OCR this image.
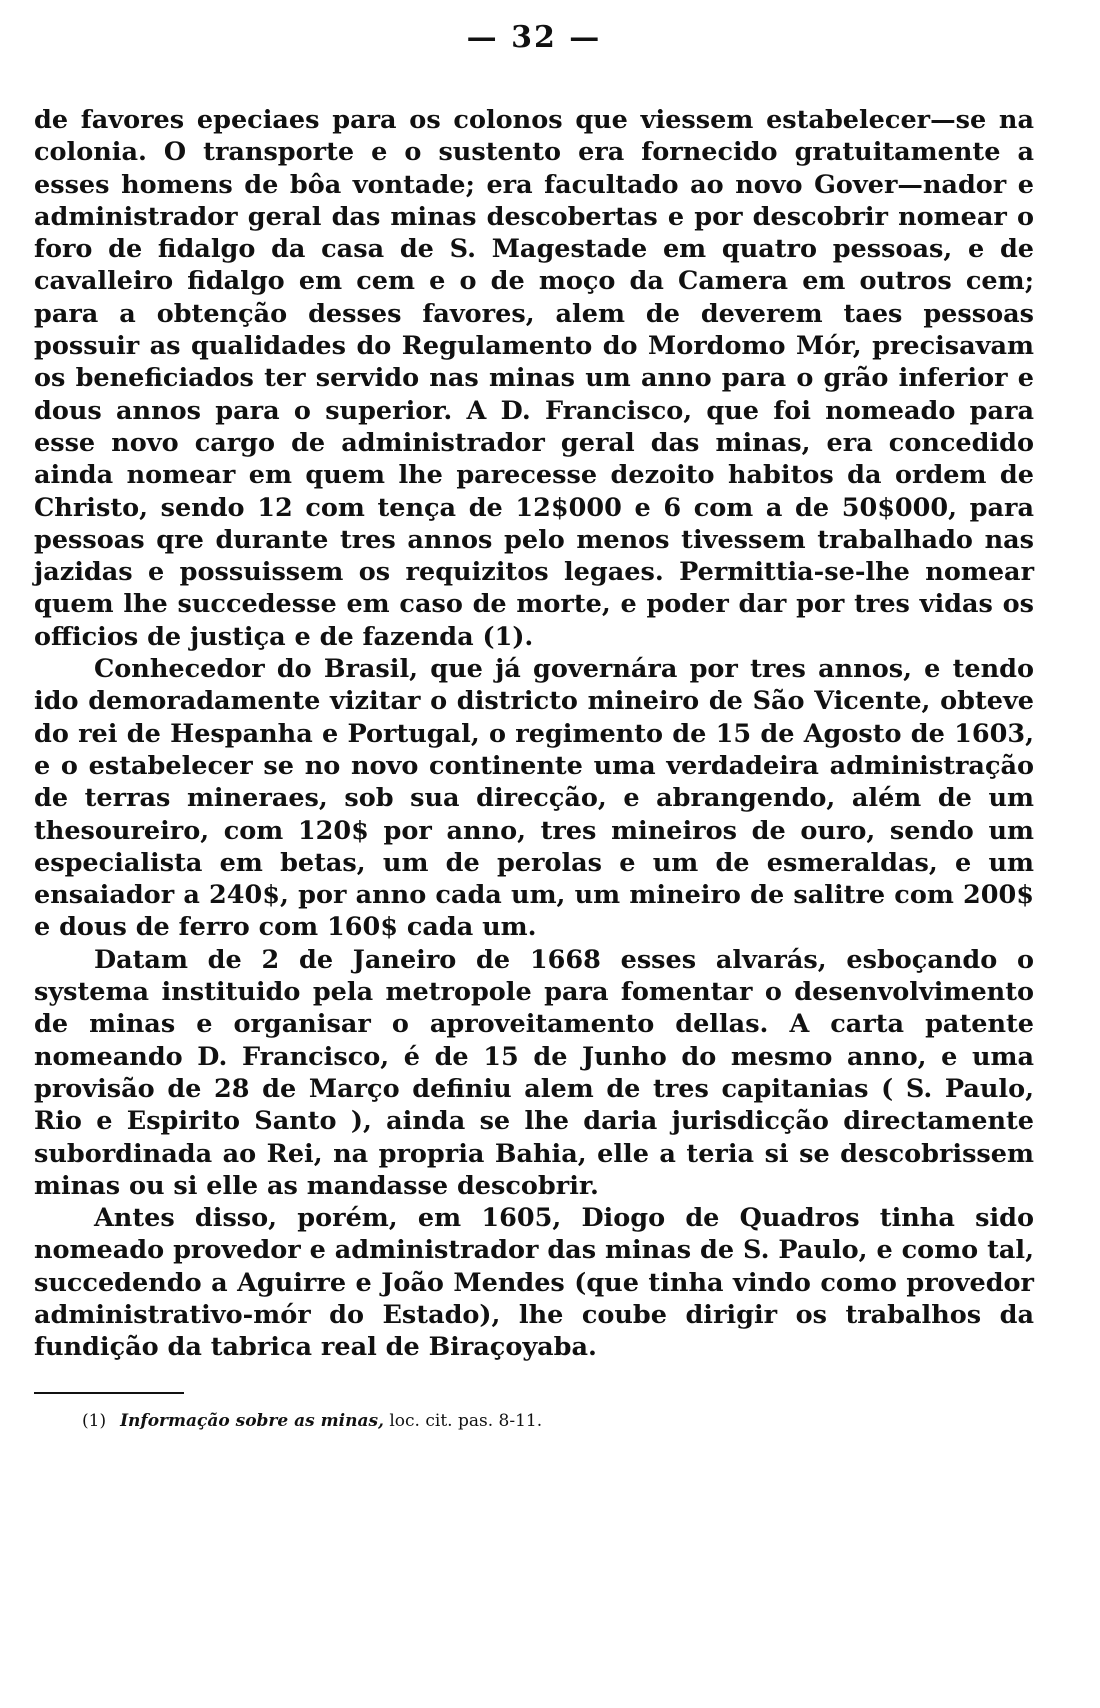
— 32 —

de favores epeciaes para os colonos que viessem estabelecer—se na colonia. O transporte e o sustento era fornecido gratuitamente a esses homens de bôa vontade; era facultado ao novo Gover—nador e administrador geral das minas descobertas e por descobrir nomear o foro de fidalgo da casa de S. Magestade em quatro pessoas, e de cavalleiro fidalgo em cem e o de moço da Camera em outros cem; para a obtenção desses favores, alem de deverem taes pessoas possuir as qualidades do Regulamento do Mordomo Mór, precisavam os beneficiados ter servido nas minas um anno para o grão inferior e dous annos para o superior. A D. Francisco, que foi nomeado para esse novo cargo de administrador geral das minas, era concedido ainda nomear em quem lhe parecesse dezoito habitos da ordem de Christo, sendo 12 com tença de 12$000 e 6 com a de 50$000, para pessoas qre durante tres annos pelo menos tivessem trabalhado nas jazidas e possuissem os requizitos legaes. Permittia-se-lhe nomear quem lhe succedesse em caso de morte, e poder dar por tres vidas os officios de justiça e de fazenda (1).

Conhecedor do Brasil, que já governára por tres annos, e tendo ido demoradamente vizitar o districto mineiro de São Vicente, obteve do rei de Hespanha e Portugal, o regimento de 15 de Agosto de 1603, e o estabelecer se no novo continente uma verdadeira administração de terras mineraes, sob sua direcção, e abrangendo, além de um thesoureiro, com 120$ por anno, tres mineiros de ouro, sendo um especialista em betas, um de perolas e um de esmeraldas, e um ensaiador a 240$, por anno cada um, um mineiro de salitre com 200$ e dous de ferro com 160$ cada um.

Datam de 2 de Janeiro de 1668 esses alvarás, esboçando o systema instituido pela metropole para fomentar o desenvolvimento de minas e organisar o aproveitamento dellas. A carta patente nomeando D. Francisco, é de 15 de Junho do mesmo anno, e uma provisão de 28 de Março definiu alem de tres capitanias ( S. Paulo, Rio e Espirito Santo ), ainda se lhe daria jurisdicção directamente subordinada ao Rei, na propria Bahia, elle a teria si se descobrissem minas ou si elle as mandasse descobrir.

Antes disso, porém, em 1605, Diogo de Quadros tinha sido nomeado provedor e administrador das minas de S. Paulo, e como tal, succedendo a Aguirre e João Mendes (que tinha vindo como provedor administrativo-mór do Estado), lhe coube dirigir os trabalhos da fundição da tabrica real de Biraçoyaba.

(1) Informação sobre as minas, loc. cit. pas. 8-11.
